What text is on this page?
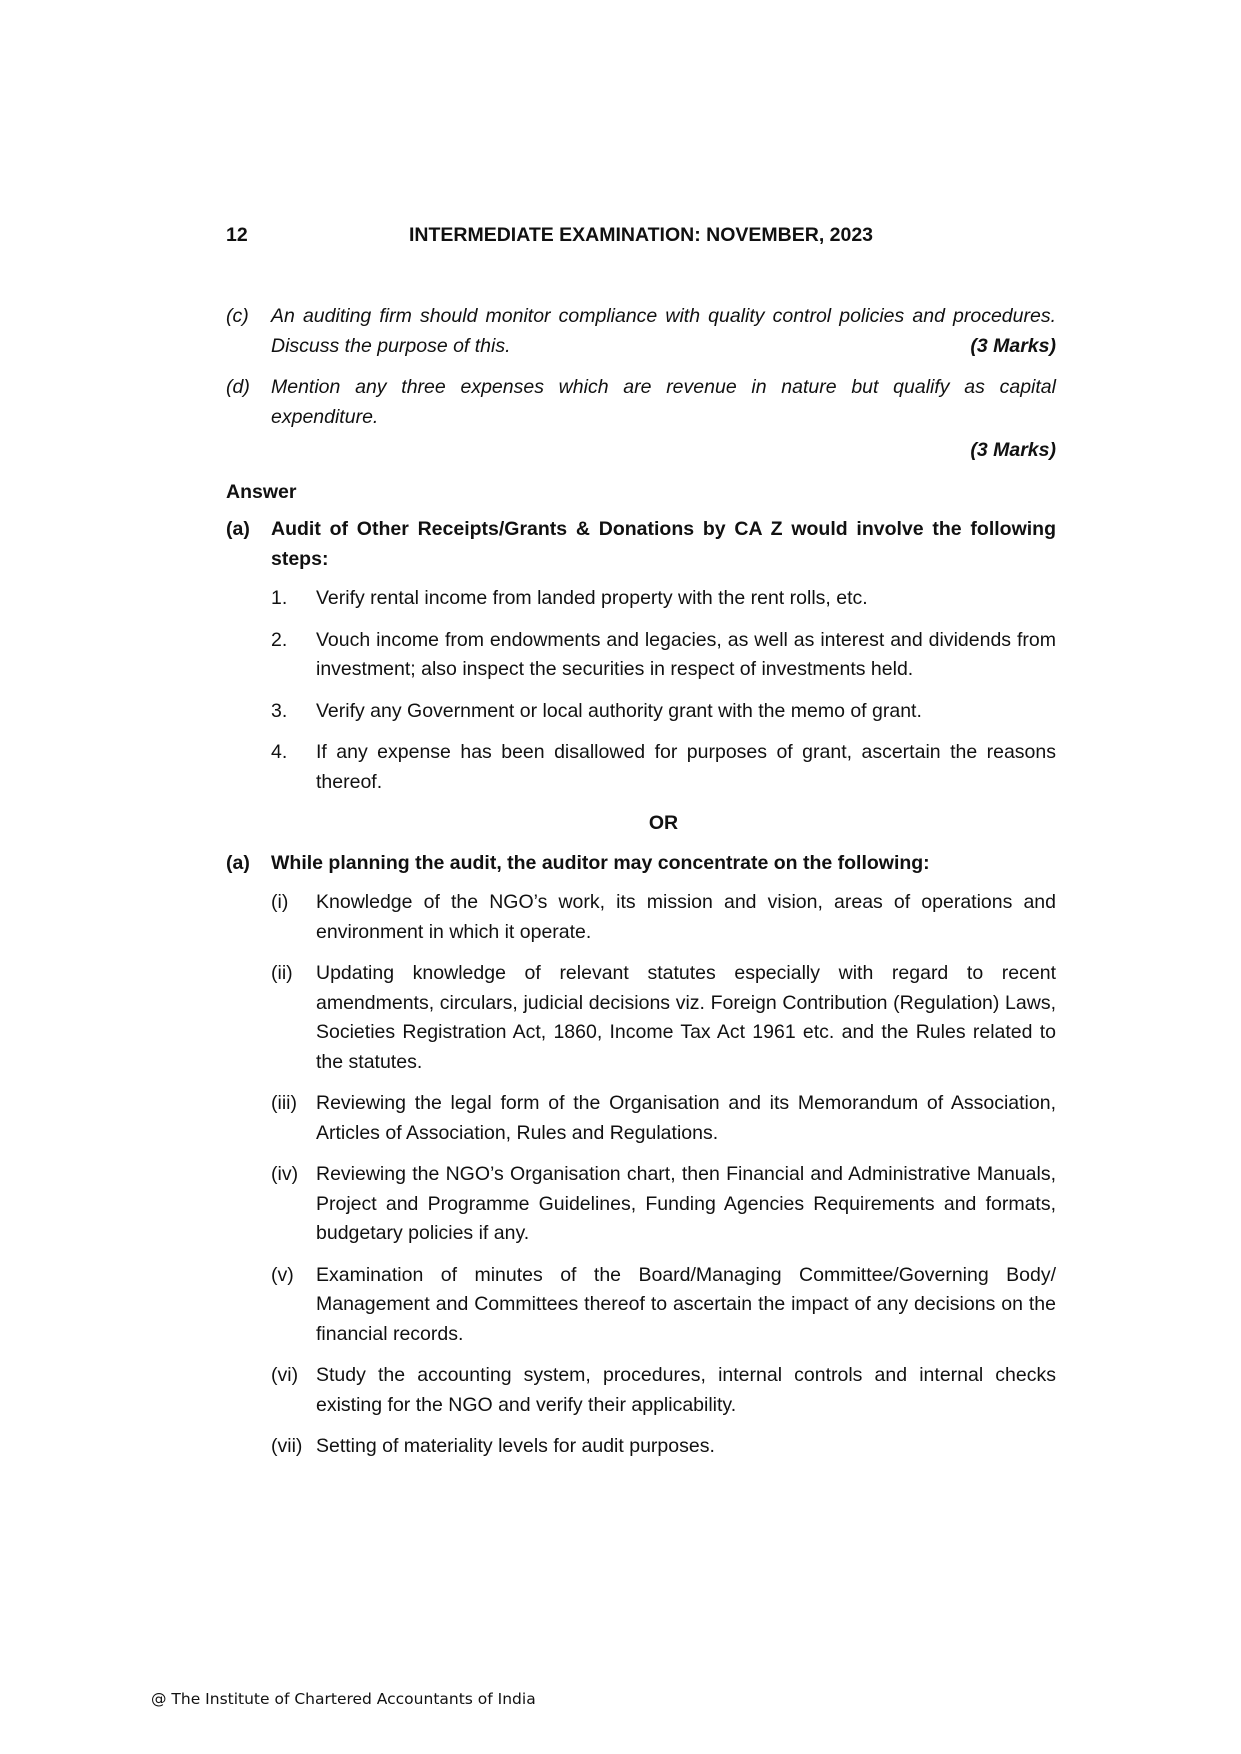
12	INTERMEDIATE EXAMINATION: NOVEMBER, 2023
(c)	An auditing firm should monitor compliance with quality control policies and procedures. Discuss the purpose of this.	(3 Marks)
(d)	Mention any three expenses which are revenue in nature but qualify as capital expenditure.
(3 Marks)
Answer
(a)	Audit of Other Receipts/Grants & Donations by CA Z would involve the following steps:
1.	Verify rental income from landed property with the rent rolls, etc.
2.	Vouch income from endowments and legacies, as well as interest and dividends from investment; also inspect the securities in respect of investments held.
3.	Verify any Government or local authority grant with the memo of grant.
4.	If any expense has been disallowed for purposes of grant, ascertain the reasons thereof.
OR
(a)	While planning the audit, the auditor may concentrate on the following:
(i)	Knowledge of the NGO’s work, its mission and vision, areas of operations and environment in which it operate.
(ii)	Updating knowledge of relevant statutes especially with regard to recent amendments, circulars, judicial decisions viz. Foreign Contribution (Regulation) Laws, Societies Registration Act, 1860, Income Tax Act 1961 etc. and the Rules related to the statutes.
(iii) Reviewing the legal form of the Organisation and its Memorandum of Association, Articles of Association, Rules and Regulations.
(iv) Reviewing the NGO’s Organisation chart, then Financial and Administrative Manuals, Project and Programme Guidelines, Funding Agencies Requirements and formats, budgetary policies if any.
(v)	Examination of minutes of the Board/Managing Committee/Governing Body/ Management and Committees thereof to ascertain the impact of any decisions on the financial records.
(vi) Study the accounting system, procedures, internal controls and internal checks existing for the NGO and verify their applicability.
(vii) Setting of materiality levels for audit purposes.
@ The Institute of Chartered Accountants of India
